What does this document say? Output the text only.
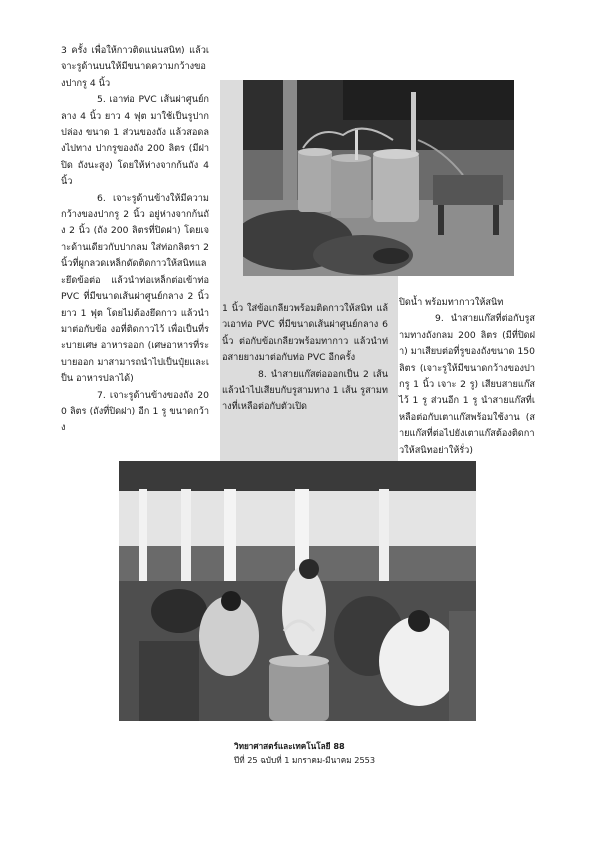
3 ครั้ง เพื่อให้กาวติดแน่นสนิท) แล้วเจาะรูด้านบนให้มีขนาดความกว้างของปากรู 4 นิ้ว

5. เอาท่อ PVC เส้นผ่าศูนย์กลาง 4 นิ้ว ยาว 4 ฟุต มาใช้เป็นรูปากปล่อง ขนาด 1 ส่วนของถัง แล้วสอดลงไปทาง ปากรูของถัง 200 ลิตร (มีฝาปิด ถังนะสูง) โดยให้ห่างจากก้นถัง 4 นิ้ว

6. เจาะรูด้านข้างให้มีความกว้างของปากรู 2 นิ้ว อยู่ห่างจากก้นถัง 2 นิ้ว (ถัง 200 ลิตรที่ปิดฝา) โดยเจาะด้านเดียวกับปากลม ใส่ท่อกลิตรา 2 นิ้วที่ผูกลวดเหล็กดัดติดกาวให้สนิทและยึดข้อต่อ แล้วนำท่อเหล็กต่อเข้าท่อ PVC ที่มีขนาดเส้นผ่าศูนย์กลาง 2 นิ้ว ยาว 1 ฟุต โดยไม่ต้องยึดกาว แล้วนำมาต่อกับข้อ งอที่ติดกาวไว้ เพื่อเป็นที่ระบายเศษ อาหารออก (เศษอาหารที่ระบายออก มาสามารถนำไปเป็นปุ๋ยและเป็น อาหารปลาได้)

7. เจาะรูด้านข้างของถัง 200 ลิตร (ถังที่ปิดฝา) อีก 1 รู ขนาดกว้าง

1 นิ้ว ใส่ข้อเกลียวพร้อมติดกาวให้สนิท แล้วเอาท่อ PVC ที่มีขนาดเส้นผ่าศูนย์กลาง 6 นิ้ว ต่อกับข้อเกลียวพร้อมทากาว แล้วนำท่อสายยางมาต่อกับท่อ PVC อีกครั้ง

8. นำสายแก๊สต่อออกเป็น 2 เส้น แล้วนำไปเสียบกับรูสามทาง 1 เส้น รูสามทางที่เหลือต่อกับตัวเปิด

ปิดน้ำ พร้อมทากาวให้สนิท

9. นำสายแก๊สที่ต่อกับรูสามทางถังกลม 200 ลิตร (มีที่ปิดฝา) มาเสียบต่อที่รูของถังขนาด 150 ลิตร (เจาะรูให้มีขนาดกว้างของปากรู 1 นิ้ว เจาะ 2 รู) เสียบสายแก๊สไว้ 1 รู ส่วนอีก 1 รู นำสายแก๊สที่เหลือต่อกับเตาแก๊สพร้อมใช้งาน (สายแก๊สที่ต่อไปยังเตาแก๊สต้องติดกาวให้สนิทอย่าให้รั่ว)

วิทยาศาสตร์และเทคโนโลยี 88
ปีที่ 25 ฉบับที่ 1 มกราคม-มีนาคม 2553
